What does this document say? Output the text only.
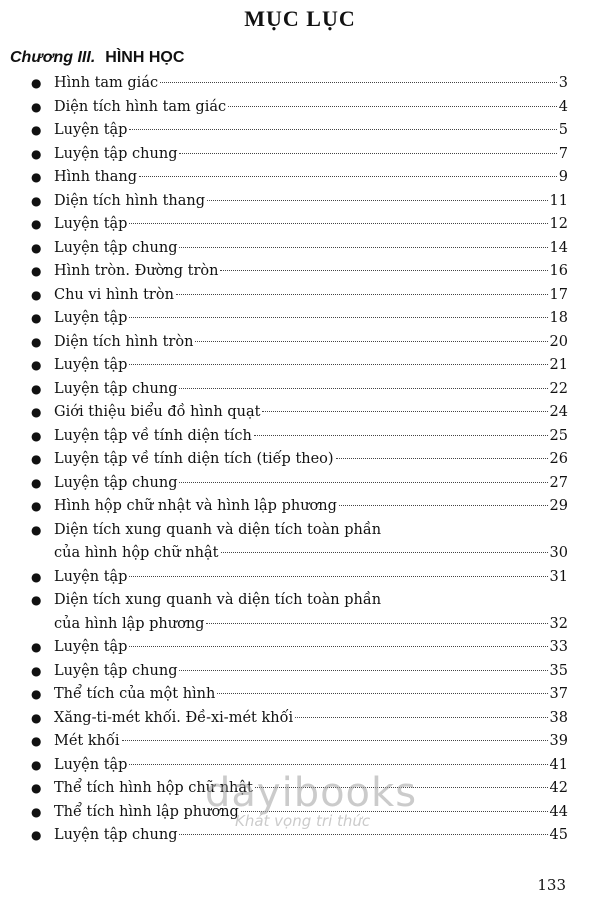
MỤC LỤC
Chương III. HÌNH HỌC
● Hình tam giác	3
● Diện tích hình tam giác	4
● Luyện tập	5
● Luyện tập chung	7
● Hình thang	9
● Diện tích hình thang	11
● Luyện tập	12
● Luyện tập chung	14
● Hình tròn. Đường tròn	16
● Chu vi hình tròn	17
● Luyện tập	18
● Diện tích hình tròn	20
● Luyện tập	21
● Luyện tập chung	22
● Giới thiệu biểu đồ hình quạt	24
● Luyện tập về tính diện tích	25
● Luyện tập về tính diện tích (tiếp theo)	26
● Luyện tập chung	27
● Hình hộp chữ nhật và hình lập phương	29
● Diện tích xung quanh và diện tích toàn phần
của hình hộp chữ nhật	30
● Luyện tập	31
● Diện tích xung quanh và diện tích toàn phần
của hình lập phương	32
● Luyện tập	33
● Luyện tập chung	35
● Thể tích của một hình	37
● Xăng-ti-mét khối. Đề-xi-mét khối	38
● Mét khối	39
● Luyện tập	41
● Thể tích hình hộp chữ nhật	42
● Thể tích hình lập phương	44
● Luyện tập chung	45
dayibooks
Khát vọng tri thức
133
